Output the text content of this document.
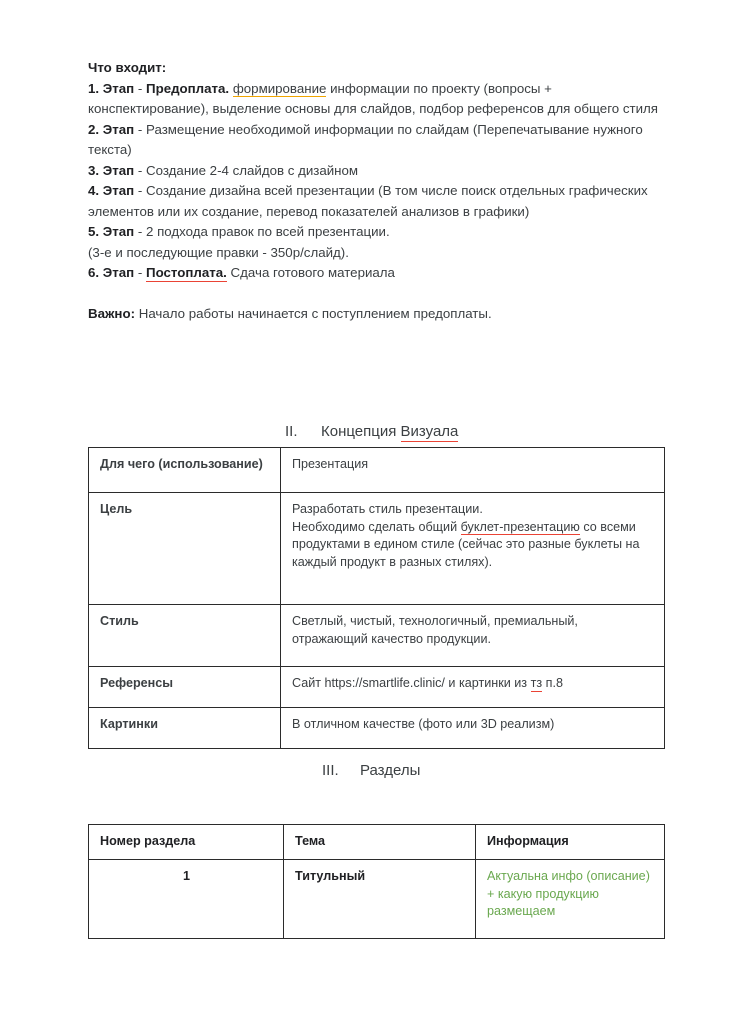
Что входит:

1. Этап - Предоплата. формирование информации по проекту (вопросы + конспектирование), выделение основы для слайдов, подбор референсов для общего стиля

2. Этап - Размещение необходимой информации по слайдам (Перепечатывание нужного текста)

3. Этап - Создание 2-4 слайдов с дизайном

4. Этап - Создание дизайна всей презентации (В том числе поиск отдельных графических элементов или их создание, перевод показателей анализов в графики)

5. Этап - 2 подхода правок по всей презентации.

(3-е и последующие правки - 350р/слайд).

6. Этап - Постоплата. Сдача готового материала

Важно: Начало работы начинается с поступлением предоплаты.

II.	Концепция Визуала
Для чего (использование)	Презентация
Цель	Разработать стиль презентации.
Необходимо сделать общий буклет-презентацию со всеми продуктами в едином стиле (сейчас это разные буклеты на каждый продукт в разных стилях).
Стиль	Светлый, чистый, технологичный, премиальный, отражающий качество продукции.
Референсы	Сайт https://smartlife.clinic/ и картинки из тз п.8
Картинки	В отличном качестве (фото или 3D реализм)
III.	Разделы
Номер раздела	Тема	Информация
1	Титульный	Актуальна инфо (описание) + какую продукцию размещаем
